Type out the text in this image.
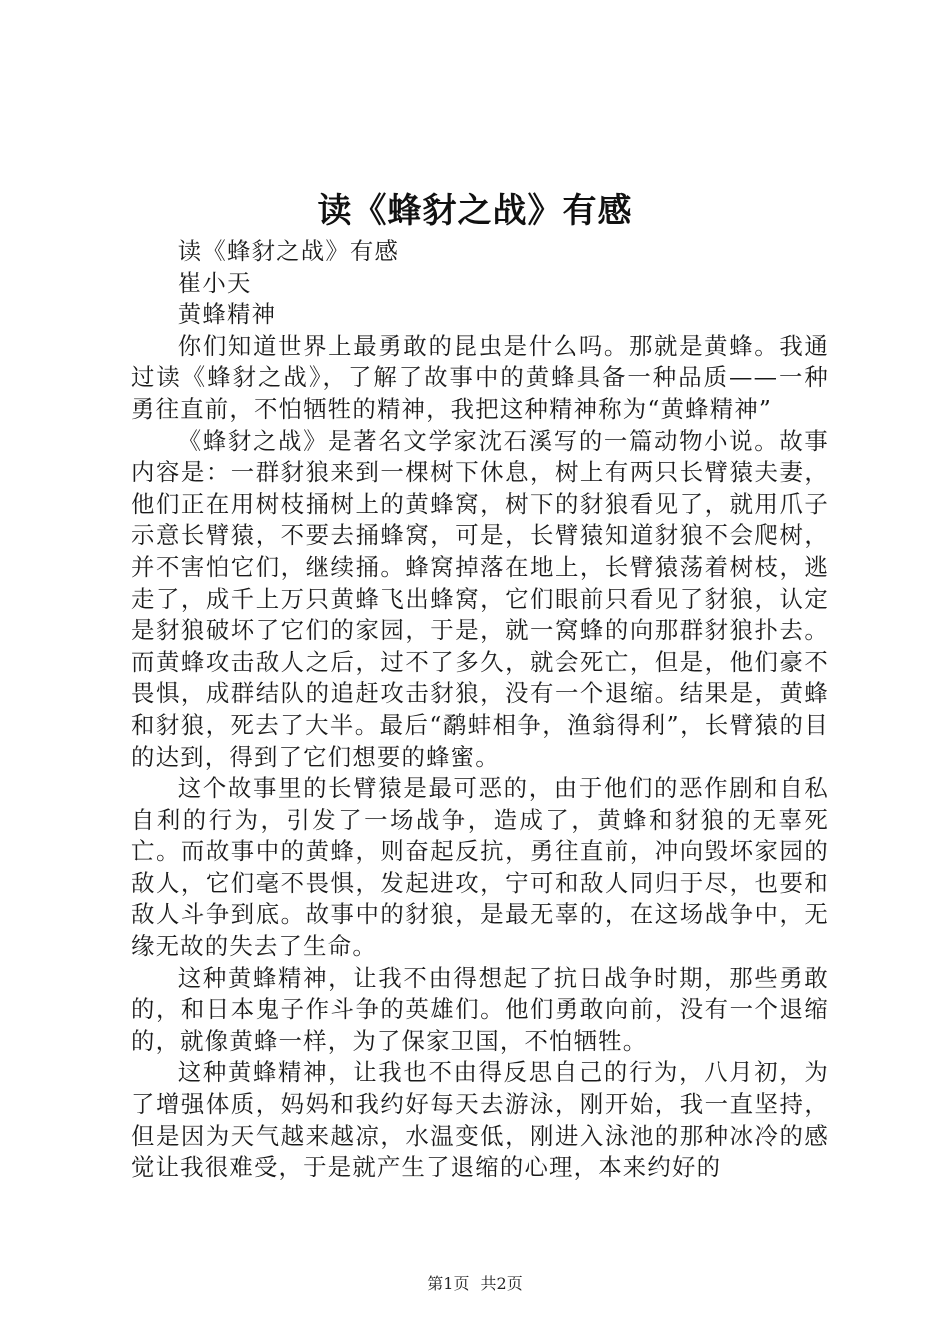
读《蜂豺之战》有感

读《蜂豺之战》有感

崔小天

黄蜂精神

你们知道世界上最勇敢的昆虫是什么吗。那就是黄蜂。我通过读《蜂豺之战》，了解了故事中的黄蜂具备一种品质——一种勇往直前，不怕牺牲的精神，我把这种精神称为“黄蜂精神”

《蜂豺之战》是著名文学家沈石溪写的一篇动物小说。故事内容是：一群豺狼来到一棵树下休息，树上有两只长臂猿夫妻，他们正在用树枝捅树上的黄蜂窝，树下的豺狼看见了，就用爪子示意长臂猿，不要去捅蜂窝，可是，长臂猿知道豺狼不会爬树，并不害怕它们，继续捅。蜂窝掉落在地上，长臂猿荡着树枝，逃走了，成千上万只黄蜂飞出蜂窝，它们眼前只看见了豺狼，认定是豺狼破坏了它们的家园，于是，就一窝蜂的向那群豺狼扑去。而黄蜂攻击敌人之后，过不了多久，就会死亡，但是，他们豪不畏惧，成群结队的追赶攻击豺狼，没有一个退缩。结果是，黄蜂和豺狼，死去了大半。最后“鹬蚌相争，渔翁得利”，长臂猿的目的达到，得到了它们想要的蜂蜜。

这个故事里的长臂猿是最可恶的，由于他们的恶作剧和自私自利的行为，引发了一场战争，造成了，黄蜂和豺狼的无辜死亡。而故事中的黄蜂，则奋起反抗，勇往直前，冲向毁坏家园的敌人，它们毫不畏惧，发起进攻，宁可和敌人同归于尽，也要和敌人斗争到底。故事中的豺狼，是最无辜的，在这场战争中，无缘无故的失去了生命。

这种黄蜂精神，让我不由得想起了抗日战争时期，那些勇敢的，和日本鬼子作斗争的英雄们。他们勇敢向前，没有一个退缩的，就像黄蜂一样，为了保家卫国，不怕牺牲。

这种黄蜂精神，让我也不由得反思自己的行为，八月初，为了增强体质，妈妈和我约好每天去游泳，刚开始，我一直坚持，但是因为天气越来越凉，水温变低，刚进入泳池的那种冰冷的感觉让我很难受，于是就产生了退缩的心理，本来约好的

第1页 共2页
